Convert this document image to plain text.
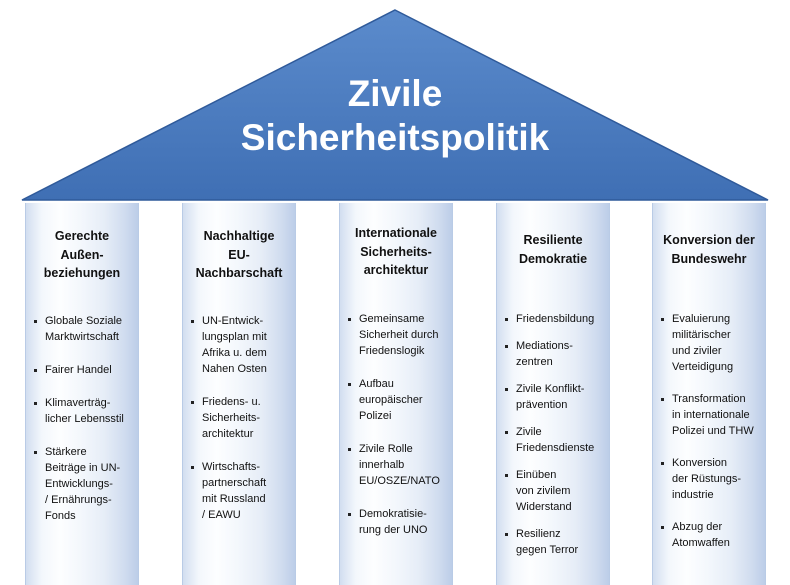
Zivile
Sicherheitspolitik
Gerechte
Außen-
beziehungen
Globale Soziale
Marktwirtschaft
Fairer Handel
Klimaverträg-
licher Lebensstil
Stärkere
Beiträge in UN-
Entwicklungs-
/ Ernährungs-
Fonds
Nachhaltige
EU-
Nachbarschaft
UN-Entwick-
lungsplan mit
Afrika u. dem
Nahen Osten
Friedens- u.
Sicherheits-
architektur
Wirtschafts-
partnerschaft
mit Russland
/ EAWU
Internationale
Sicherheits-
architektur
Gemeinsame
Sicherheit durch
Friedenslogik
Aufbau
europäischer
Polizei
Zivile Rolle
innerhalb
EU/OSZE/NATO
Demokratisie-
rung der UNO
Resiliente
Demokratie
Friedensbildung
Mediations-
zentren
Zivile Konflikt-
prävention
Zivile
Friedensdienste
Einüben
von zivilem
Widerstand
Resilienz
gegen Terror
Konversion der
Bundeswehr
Evaluierung
militärischer
und ziviler
Verteidigung
Transformation
in internationale
Polizei und THW
Konversion
der Rüstungs-
industrie
Abzug der
Atomwaffen
